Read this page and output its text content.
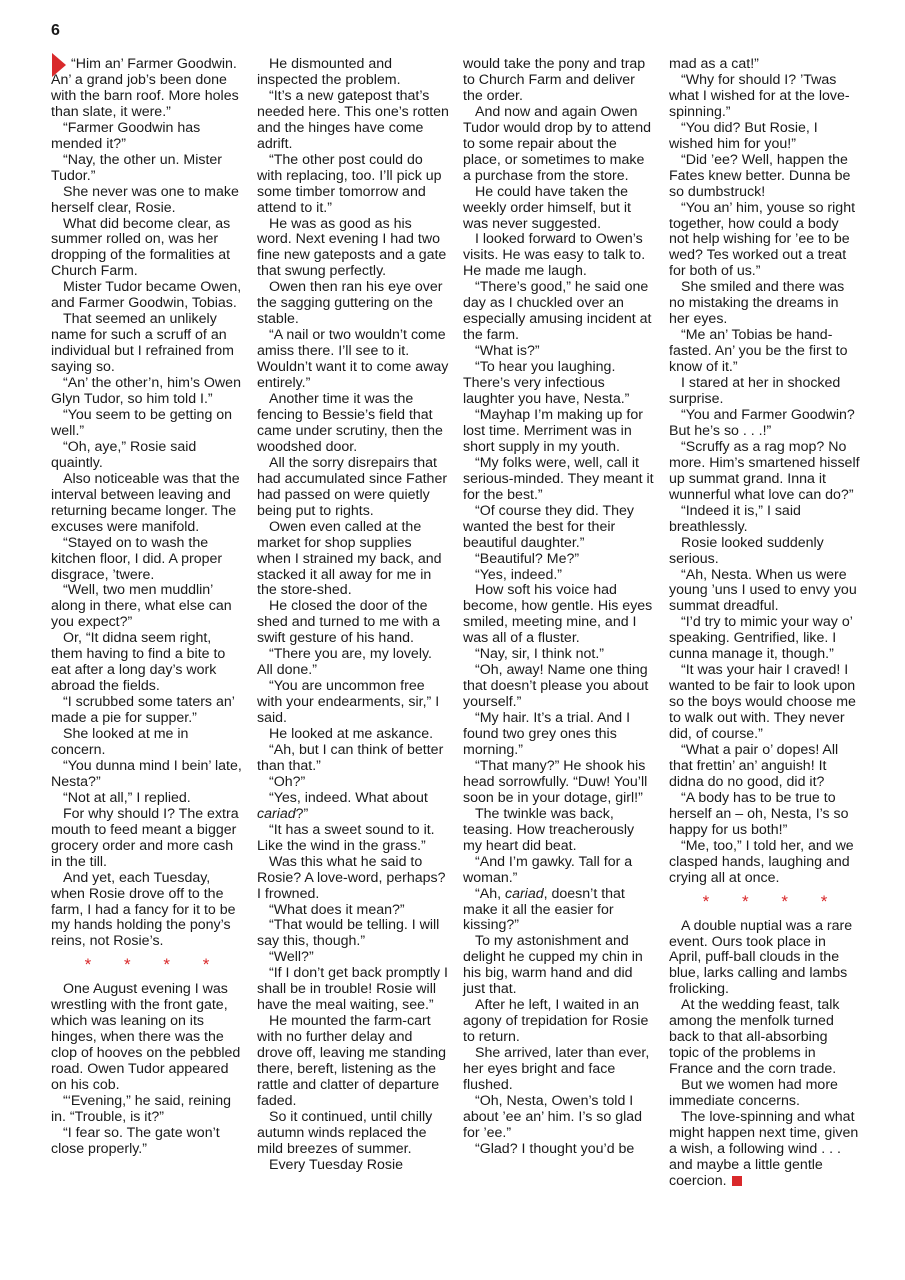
6

“Him an’ Farmer Goodwin. An’ a grand job’s been done with the barn roof. More holes than slate, it were.”

“Farmer Goodwin has mended it?”

“Nay, the other un. Mister Tudor.”

She never was one to make herself clear, Rosie.

What did become clear, as summer rolled on, was her dropping of the formalities at Church Farm.

Mister Tudor became Owen, and Farmer Goodwin, Tobias.

That seemed an unlikely name for such a scruff of an individual but I refrained from saying so.

“An’ the other’n, him’s Owen Glyn Tudor, so him told I.”

“You seem to be getting on well.”

“Oh, aye,” Rosie said quaintly.

Also noticeable was that the interval between leaving and returning became longer. The excuses were manifold.

“Stayed on to wash the kitchen floor, I did. A proper disgrace, ’twere.

“Well, two men muddlin’ along in there, what else can you expect?”

Or, “It didna seem right, them having to find a bite to eat after a long day’s work abroad the fields.

“I scrubbed some taters an’ made a pie for supper.”

She looked at me in concern.

“You dunna mind I bein’ late, Nesta?”

“Not at all,” I replied.

For why should I? The extra mouth to feed meant a bigger grocery order and more cash in the till.

And yet, each Tuesday, when Rosie drove off to the farm, I had a fancy for it to be my hands holding the pony’s reins, not Rosie’s.

* * * *

One August evening I was wrestling with the front gate, which was leaning on its hinges, when there was the clop of hooves on the pebbled road. Owen Tudor appeared on his cob.

“‘Evening,” he said, reining in. “Trouble, is it?”

“I fear so. The gate won’t close properly.”

He dismounted and inspected the problem.

“It’s a new gatepost that’s needed here. This one’s rotten and the hinges have come adrift.

“The other post could do with replacing, too. I’ll pick up some timber tomorrow and attend to it.”

He was as good as his word. Next evening I had two fine new gateposts and a gate that swung perfectly.

Owen then ran his eye over the sagging guttering on the stable.

“A nail or two wouldn’t come amiss there. I’ll see to it. Wouldn’t want it to come away entirely.”

Another time it was the fencing to Bessie’s field that came under scrutiny, then the woodshed door.

All the sorry disrepairs that had accumulated since Father had passed on were quietly being put to rights.

Owen even called at the market for shop supplies when I strained my back, and stacked it all away for me in the store-shed.

He closed the door of the shed and turned to me with a swift gesture of his hand.

“There you are, my lovely. All done.”

“You are uncommon free with your endearments, sir,” I said.

He looked at me askance.

“Ah, but I can think of better than that.”

“Oh?”

“Yes, indeed. What about cariad?”

“It has a sweet sound to it. Like the wind in the grass.”

Was this what he said to Rosie? A love-word, perhaps? I frowned.

“What does it mean?”

“That would be telling. I will say this, though.”

“Well?”

“If I don’t get back promptly I shall be in trouble! Rosie will have the meal waiting, see.”

He mounted the farm-cart with no further delay and drove off, leaving me standing there, bereft, listening as the rattle and clatter of departure faded.

So it continued, until chilly autumn winds replaced the mild breezes of summer.

Every Tuesday Rosie

would take the pony and trap to Church Farm and deliver the order.

And now and again Owen Tudor would drop by to attend to some repair about the place, or sometimes to make a purchase from the store.

He could have taken the weekly order himself, but it was never suggested.

I looked forward to Owen’s visits. He was easy to talk to. He made me laugh.

“There’s good,” he said one day as I chuckled over an especially amusing incident at the farm.

“What is?”

“To hear you laughing. There’s very infectious laughter you have, Nesta.”

“Mayhap I’m making up for lost time. Merriment was in short supply in my youth.

“My folks were, well, call it serious-minded. They meant it for the best.”

“Of course they did. They wanted the best for their beautiful daughter.”

“Beautiful? Me?”

“Yes, indeed.”

How soft his voice had become, how gentle. His eyes smiled, meeting mine, and I was all of a fluster.

“Nay, sir, I think not.”

“Oh, away! Name one thing that doesn’t please you about yourself.”

“My hair. It’s a trial. And I found two grey ones this morning.”

“That many?” He shook his head sorrowfully. “Duw! You’ll soon be in your dotage, girl!”

The twinkle was back, teasing. How treacherously my heart did beat.

“And I’m gawky. Tall for a woman.”

“Ah, cariad, doesn’t that make it all the easier for kissing?”

To my astonishment and delight he cupped my chin in his big, warm hand and did just that.

After he left, I waited in an agony of trepidation for Rosie to return.

She arrived, later than ever, her eyes bright and face flushed.

“Oh, Nesta, Owen’s told I about ’ee an’ him. I’s so glad for ’ee.”

“Glad? I thought you’d be

mad as a cat!”

“Why for should I? ’Twas what I wished for at the love-spinning.”

“You did? But Rosie, I wished him for you!”

“Did ’ee? Well, happen the Fates knew better. Dunna be so dumbstruck!

“You an’ him, youse so right together, how could a body not help wishing for ’ee to be wed? Tes worked out a treat for both of us.”

She smiled and there was no mistaking the dreams in her eyes.

“Me an’ Tobias be hand-fasted. An’ you be the first to know of it.”

I stared at her in shocked surprise.

“You and Farmer Goodwin? But he’s so . . .!”

“Scruffy as a rag mop? No more. Him’s smartened hisself up summat grand. Inna it wunnerful what love can do?”

“Indeed it is,” I said breathlessly.

Rosie looked suddenly serious.

“Ah, Nesta. When us were young ’uns I used to envy you summat dreadful.

“I’d try to mimic your way o’ speaking. Gentrified, like. I cunna manage it, though.”

“It was your hair I craved! I wanted to be fair to look upon so the boys would choose me to walk out with. They never did, of course.”

“What a pair o’ dopes! All that frettin’ an’ anguish! It didna do no good, did it?

“A body has to be true to herself an – oh, Nesta, I’s so happy for us both!”

“Me, too,” I told her, and we clasped hands, laughing and crying all at once.

* * * *

A double nuptial was a rare event. Ours took place in April, puff-ball clouds in the blue, larks calling and lambs frolicking.

At the wedding feast, talk among the menfolk turned back to that all-absorbing topic of the problems in France and the corn trade.

But we women had more immediate concerns.

The love-spinning and what might happen next time, given a wish, a following wind . . . and maybe a little gentle coercion.
